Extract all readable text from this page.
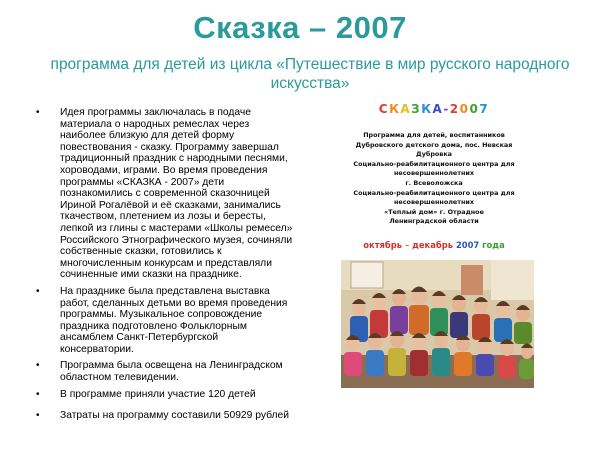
Сказка – 2007
программа для детей из цикла «Путешествие в мир русского народного искусства»
• Идея программы заключалась в подаче материала о народных ремеслах через наиболее близкую для детей форму повествования - сказку. Программу завершал традиционный праздник с народными песнями, хороводами, играми. Во время проведения программы «СКАЗКА - 2007» дети познакомились с современной сказочницей Ириной Рогалёвой и её сказками, занимались ткачеством, плетением из лозы и бересты, лепкой из глины с мастерами «Школы ремесел» Российского Этнографического музея, сочиняли собственные сказки, готовились к многочисленным конкурсам и представляли сочиненные ими сказки на празднике.
• На празднике была представлена выставка работ, сделанных детьми во время проведения программы. Музыкальное сопровождение праздника подготовлено Фольклорным ансамблем Санкт-Петербургской консерватории.
• Программа была освещена на Ленинградском областном телевидении.
• В программе приняли участие 120 детей
• Затраты на программу составили 50929 рублей
СКАЗКА-2007
Программа для детей, воспитанников
Дубровского детского дома, пос. Невская Дубровка
Социально-реабилитационного центра для
несовершеннолетних
г. Всеволожска
Социально-реабилитационного центра для
несовершеннолетних
«Теплый дом» г. Отрадное
Ленинградской области
октябрь – декабрь 2007 года
